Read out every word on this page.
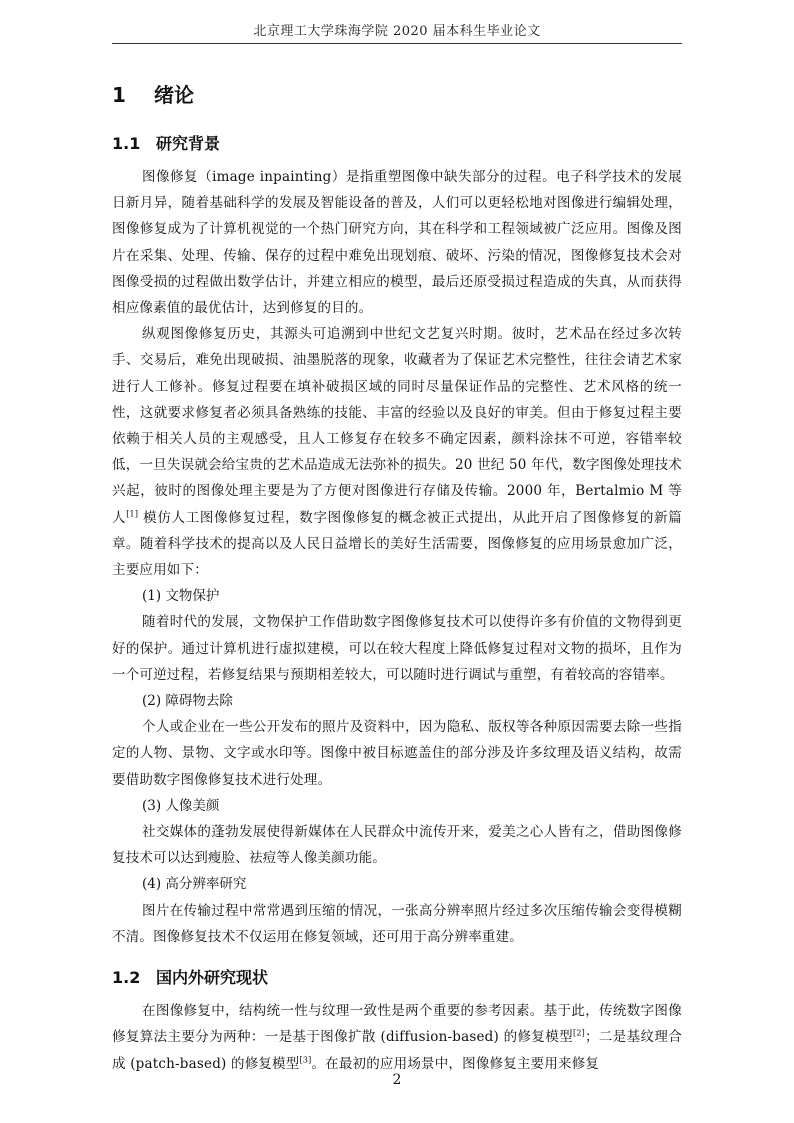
北京理工大学珠海学院 2020 届本科生毕业论文
1 绪论
1.1 研究背景

图像修复（image inpainting）是指重塑图像中缺失部分的过程。电子科学技术的发展日新月异，随着基础科学的发展及智能设备的普及，人们可以更轻松地对图像进行编辑处理，图像修复成为了计算机视觉的一个热门研究方向，其在科学和工程领域被广泛应用。图像及图片在采集、处理、传输、保存的过程中难免出现划痕、破坏、污染的情况，图像修复技术会对图像受损的过程做出数学估计，并建立相应的模型，最后还原受损过程造成的失真，从而获得相应像素值的最优估计，达到修复的目的。

纵观图像修复历史，其源头可追溯到中世纪文艺复兴时期。彼时，艺术品在经过多次转手、交易后，难免出现破损、油墨脱落的现象，收藏者为了保证艺术完整性，往往会请艺术家进行人工修补。修复过程要在填补破损区域的同时尽量保证作品的完整性、艺术风格的统一性，这就要求修复者必须具备熟练的技能、丰富的经验以及良好的审美。但由于修复过程主要依赖于相关人员的主观感受，且人工修复存在较多不确定因素，颜料涂抹不可逆，容错率较低，一旦失误就会给宝贵的艺术品造成无法弥补的损失。20 世纪 50 年代，数字图像处理技术兴起，彼时的图像处理主要是为了方便对图像进行存储及传输。2000 年，Bertalmio M 等人[1] 模仿人工图像修复过程，数字图像修复的概念被正式提出，从此开启了图像修复的新篇章。随着科学技术的提高以及人民日益增长的美好生活需要，图像修复的应用场景愈加广泛，主要应用如下：

(1) 文物保护

随着时代的发展，文物保护工作借助数字图像修复技术可以使得许多有价值的文物得到更好的保护。通过计算机进行虚拟建模，可以在较大程度上降低修复过程对文物的损坏，且作为一个可逆过程，若修复结果与预期相差较大，可以随时进行调试与重塑，有着较高的容错率。

(2) 障碍物去除

个人或企业在一些公开发布的照片及资料中，因为隐私、版权等各种原因需要去除一些指定的人物、景物、文字或水印等。图像中被目标遮盖住的部分涉及许多纹理及语义结构，故需要借助数字图像修复技术进行处理。

(3) 人像美颜

社交媒体的蓬勃发展使得新媒体在人民群众中流传开来，爱美之心人皆有之，借助图像修复技术可以达到瘦脸、祛痘等人像美颜功能。

(4) 高分辨率研究

图片在传输过程中常常遇到压缩的情况，一张高分辨率照片经过多次压缩传输会变得模糊不清。图像修复技术不仅运用在修复领域，还可用于高分辨率重建。

1.2 国内外研究现状

在图像修复中，结构统一性与纹理一致性是两个重要的参考因素。基于此，传统数字图像修复算法主要分为两种：一是基于图像扩散 (diffusion-based) 的修复模型[2]；二是基纹理合成 (patch-based) 的修复模型[3]。在最初的应用场景中，图像修复主要用来修复

2
